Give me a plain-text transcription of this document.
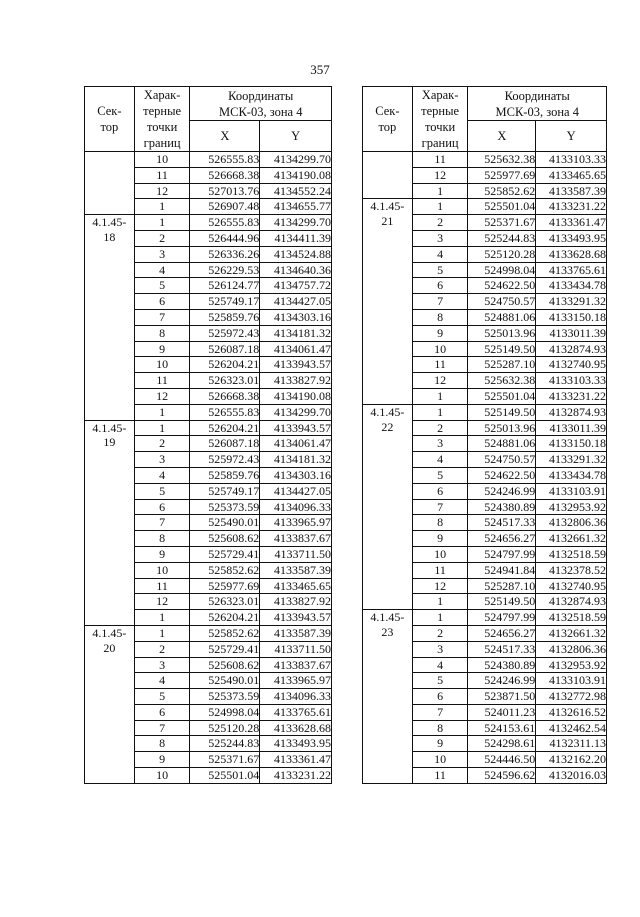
357
Сек-
тор	Харак-
терные
точки
границ	Координаты
МСК-03, зона 4	
		X	Y
	10	526555.83	4134299.70
	11	526668.38	4134190.08
	12	527013.76	4134552.24
	1	526907.48	4134655.77
4.1.45-
18	1	526555.83	4134299.70
	2	526444.96	4134411.39
	3	526336.26	4134524.88
	4	526229.53	4134640.36
	5	526124.77	4134757.72
	6	525749.17	4134427.05
	7	525859.76	4134303.16
	8	525972.43	4134181.32
	9	526087.18	4134061.47
	10	526204.21	4133943.57
	11	526323.01	4133827.92
	12	526668.38	4134190.08
	1	526555.83	4134299.70
4.1.45-
19	1	526204.21	4133943.57
	2	526087.18	4134061.47
	3	525972.43	4134181.32
	4	525859.76	4134303.16
	5	525749.17	4134427.05
	6	525373.59	4134096.33
	7	525490.01	4133965.97
	8	525608.62	4133837.67
	9	525729.41	4133711.50
	10	525852.62	4133587.39
	11	525977.69	4133465.65
	12	526323.01	4133827.92
	1	526204.21	4133943.57
4.1.45-
20	1	525852.62	4133587.39
	2	525729.41	4133711.50
	3	525608.62	4133837.67
	4	525490.01	4133965.97
	5	525373.59	4134096.33
	6	524998.04	4133765.61
	7	525120.28	4133628.68
	8	525244.83	4133493.95
	9	525371.67	4133361.47
	10	525501.04	4133231.22
Сек-
тор	Харак-
терные
точки
границ	Координаты
МСК-03, зона 4	
		X	Y
	11	525632.38	4133103.33
	12	525977.69	4133465.65
	1	525852.62	4133587.39
4.1.45-
21	1	525501.04	4133231.22
	2	525371.67	4133361.47
	3	525244.83	4133493.95
	4	525120.28	4133628.68
	5	524998.04	4133765.61
	6	524622.50	4133434.78
	7	524750.57	4133291.32
	8	524881.06	4133150.18
	9	525013.96	4133011.39
	10	525149.50	4132874.93
	11	525287.10	4132740.95
	12	525632.38	4133103.33
	1	525501.04	4133231.22
4.1.45-
22	1	525149.50	4132874.93
	2	525013.96	4133011.39
	3	524881.06	4133150.18
	4	524750.57	4133291.32
	5	524622.50	4133434.78
	6	524246.99	4133103.91
	7	524380.89	4132953.92
	8	524517.33	4132806.36
	9	524656.27	4132661.32
	10	524797.99	4132518.59
	11	524941.84	4132378.52
	12	525287.10	4132740.95
	1	525149.50	4132874.93
4.1.45-
23	1	524797.99	4132518.59
	2	524656.27	4132661.32
	3	524517.33	4132806.36
	4	524380.89	4132953.92
	5	524246.99	4133103.91
	6	523871.50	4132772.98
	7	524011.23	4132616.52
	8	524153.61	4132462.54
	9	524298.61	4132311.13
	10	524446.50	4132162.20
	11	524596.62	4132016.03
